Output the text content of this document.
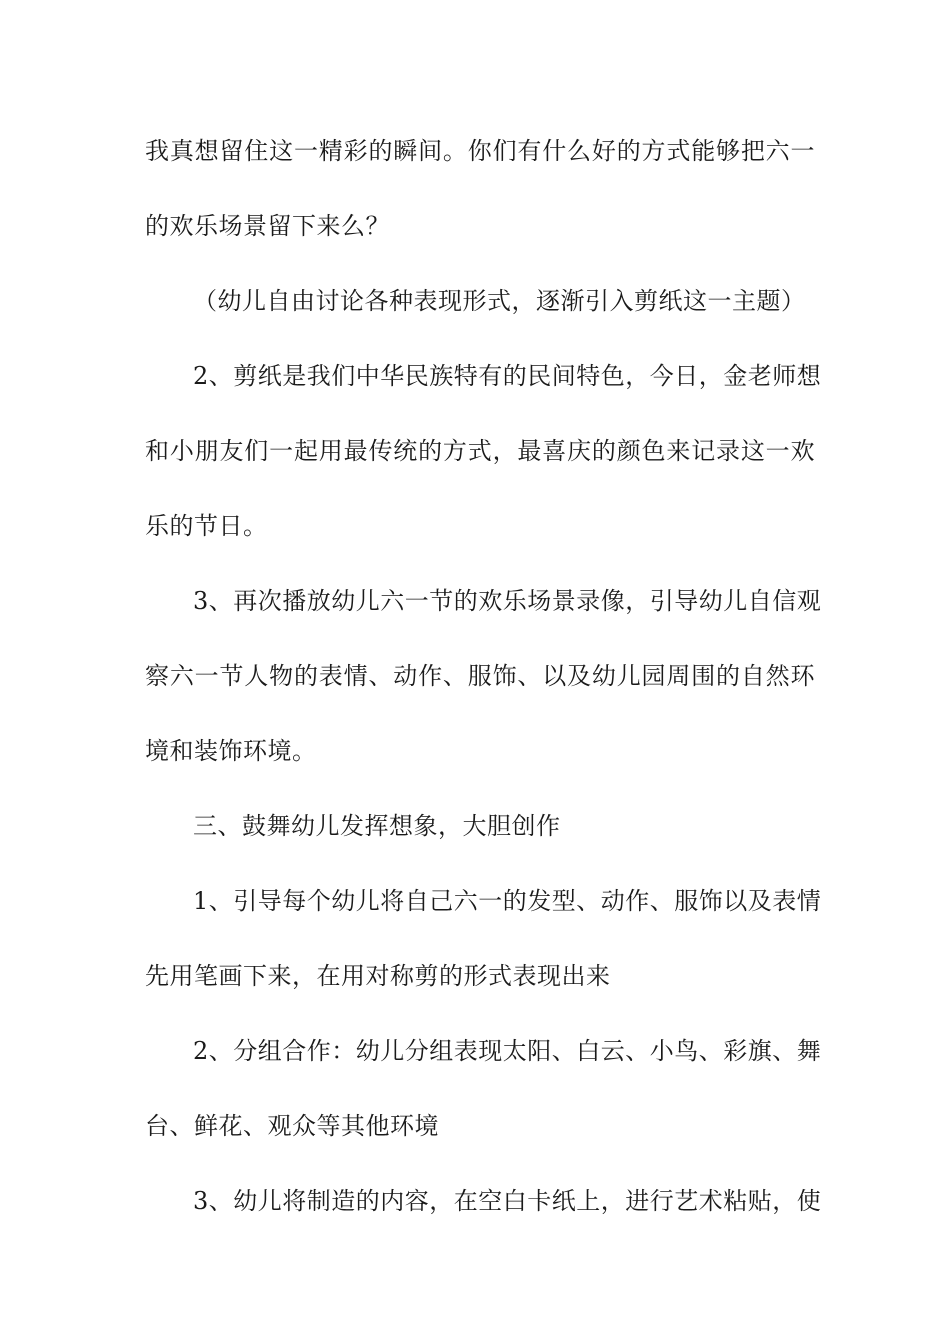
我真想留住这一精彩的瞬间。你们有什么好的方式能够把六一
的欢乐场景留下来么？
（幼儿自由讨论各种表现形式，逐渐引入剪纸这一主题）
2、剪纸是我们中华民族特有的民间特色，今日，金老师想
和小朋友们一起用最传统的方式，最喜庆的颜色来记录这一欢
乐的节日。
3、再次播放幼儿六一节的欢乐场景录像，引导幼儿自信观
察六一节人物的表情、动作、服饰、以及幼儿园周围的自然环
境和装饰环境。
三、鼓舞幼儿发挥想象，大胆创作
1、引导每个幼儿将自己六一的发型、动作、服饰以及表情
先用笔画下来，在用对称剪的形式表现出来
2、分组合作：幼儿分组表现太阳、白云、小鸟、彩旗、舞
台、鲜花、观众等其他环境
3、幼儿将制造的内容，在空白卡纸上，进行艺术粘贴，使
